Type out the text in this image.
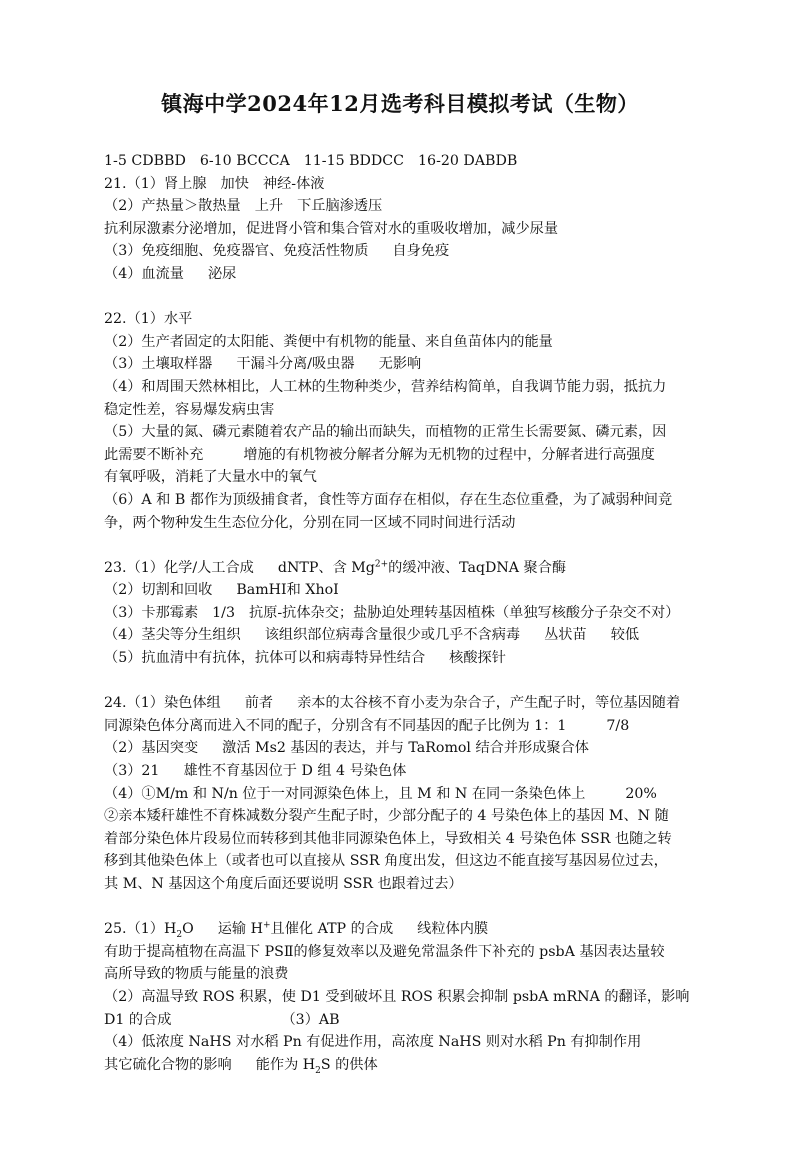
镇海中学2024年12月选考科目模拟考试（生物）
1-5 CDBBD 6-10 BCCCA 11-15 BDDCC 16-20 DABDB
21.（1）肾上腺 加快 神经-体液
（2）产热量＞散热量 上升 下丘脑渗透压
抗利尿激素分泌增加，促进肾小管和集合管对水的重吸收增加，减少尿量
（3）免疫细胞、免疫器官、免疫活性物质 自身免疫
（4）血流量 泌尿
22.（1）水平
（2）生产者固定的太阳能、粪便中有机物的能量、来自鱼苗体内的能量
（3）土壤取样器 干漏斗分离/吸虫器 无影响
（4）和周围天然林相比，人工林的生物种类少，营养结构简单，自我调节能力弱，抵抗力
稳定性差，容易爆发病虫害
（5）大量的氮、磷元素随着农产品的输出而缺失，而植物的正常生长需要氮、磷元素，因
此需要不断补充	增施的有机物被分解者分解为无机物的过程中，分解者进行高强度
有氧呼吸，消耗了大量水中的氧气
（6）A 和 B 都作为顶级捕食者，食性等方面存在相似，存在生态位重叠，为了减弱种间竞
争，两个物种发生生态位分化，分别在同一区域不同时间进行活动
23.（1）化学/人工合成 dNTP、含 $Mg^{2+}$的缓冲液、TaqDNA 聚合酶
（2）切割和回收 BamHⅠ和 XhoⅠ
（3）卡那霉素 1/3 抗原-抗体杂交；盐胁迫处理转基因植株（单独写核酸分子杂交不对）
（4）茎尖等分生组织 该组织部位病毒含量很少或几乎不含病毒 丛状苗 较低
（5）抗血清中有抗体，抗体可以和病毒特异性结合 核酸探针
24.（1）染色体组 前者 亲本的太谷核不育小麦为杂合子，产生配子时，等位基因随着
同源染色体分离而进入不同的配子，分别含有不同基因的配子比例为 1：1	7/8
（2）基因突变 激活 Ms2 基因的表达，并与 TaRomol 结合并形成聚合体
（3）21 雄性不育基因位于 D 组 4 号染色体
（4）①M/m 和 N/n 位于一对同源染色体上，且 M 和 N 在同一条染色体上	20%
②亲本矮秆雄性不育株减数分裂产生配子时，少部分配子的 4 号染色体上的基因 M、N 随
着部分染色体片段易位而转移到其他非同源染色体上，导致相关 4 号染色体 SSR 也随之转
移到其他染色体上（或者也可以直接从 SSR 角度出发，但这边不能直接写基因易位过去，
其 M、N 基因这个角度后面还要说明 SSR 也跟着过去）
$25.(1)H_2O$ 运输 H+且催化 ATP 的合成 线粒体内膜
有助于提高植物在高温下 PSⅡ的修复效率以及避免常温条件下补充的 psbA 基因表达量较
高所导致的物质与能量的浪费
（2）高温导致 ROS 积累，使 D1 受到破坏且 ROS 积累会抑制 psbA mRNA 的翻译，影响
D1 的合成	（3）AB
（4）低浓度 NaHS 对水稻 Pn 有促进作用，高浓度 NaHS 则对水稻 Pn 有抑制作用
其它硫化合物的影响 能作为 $H_2S$ 的供体
